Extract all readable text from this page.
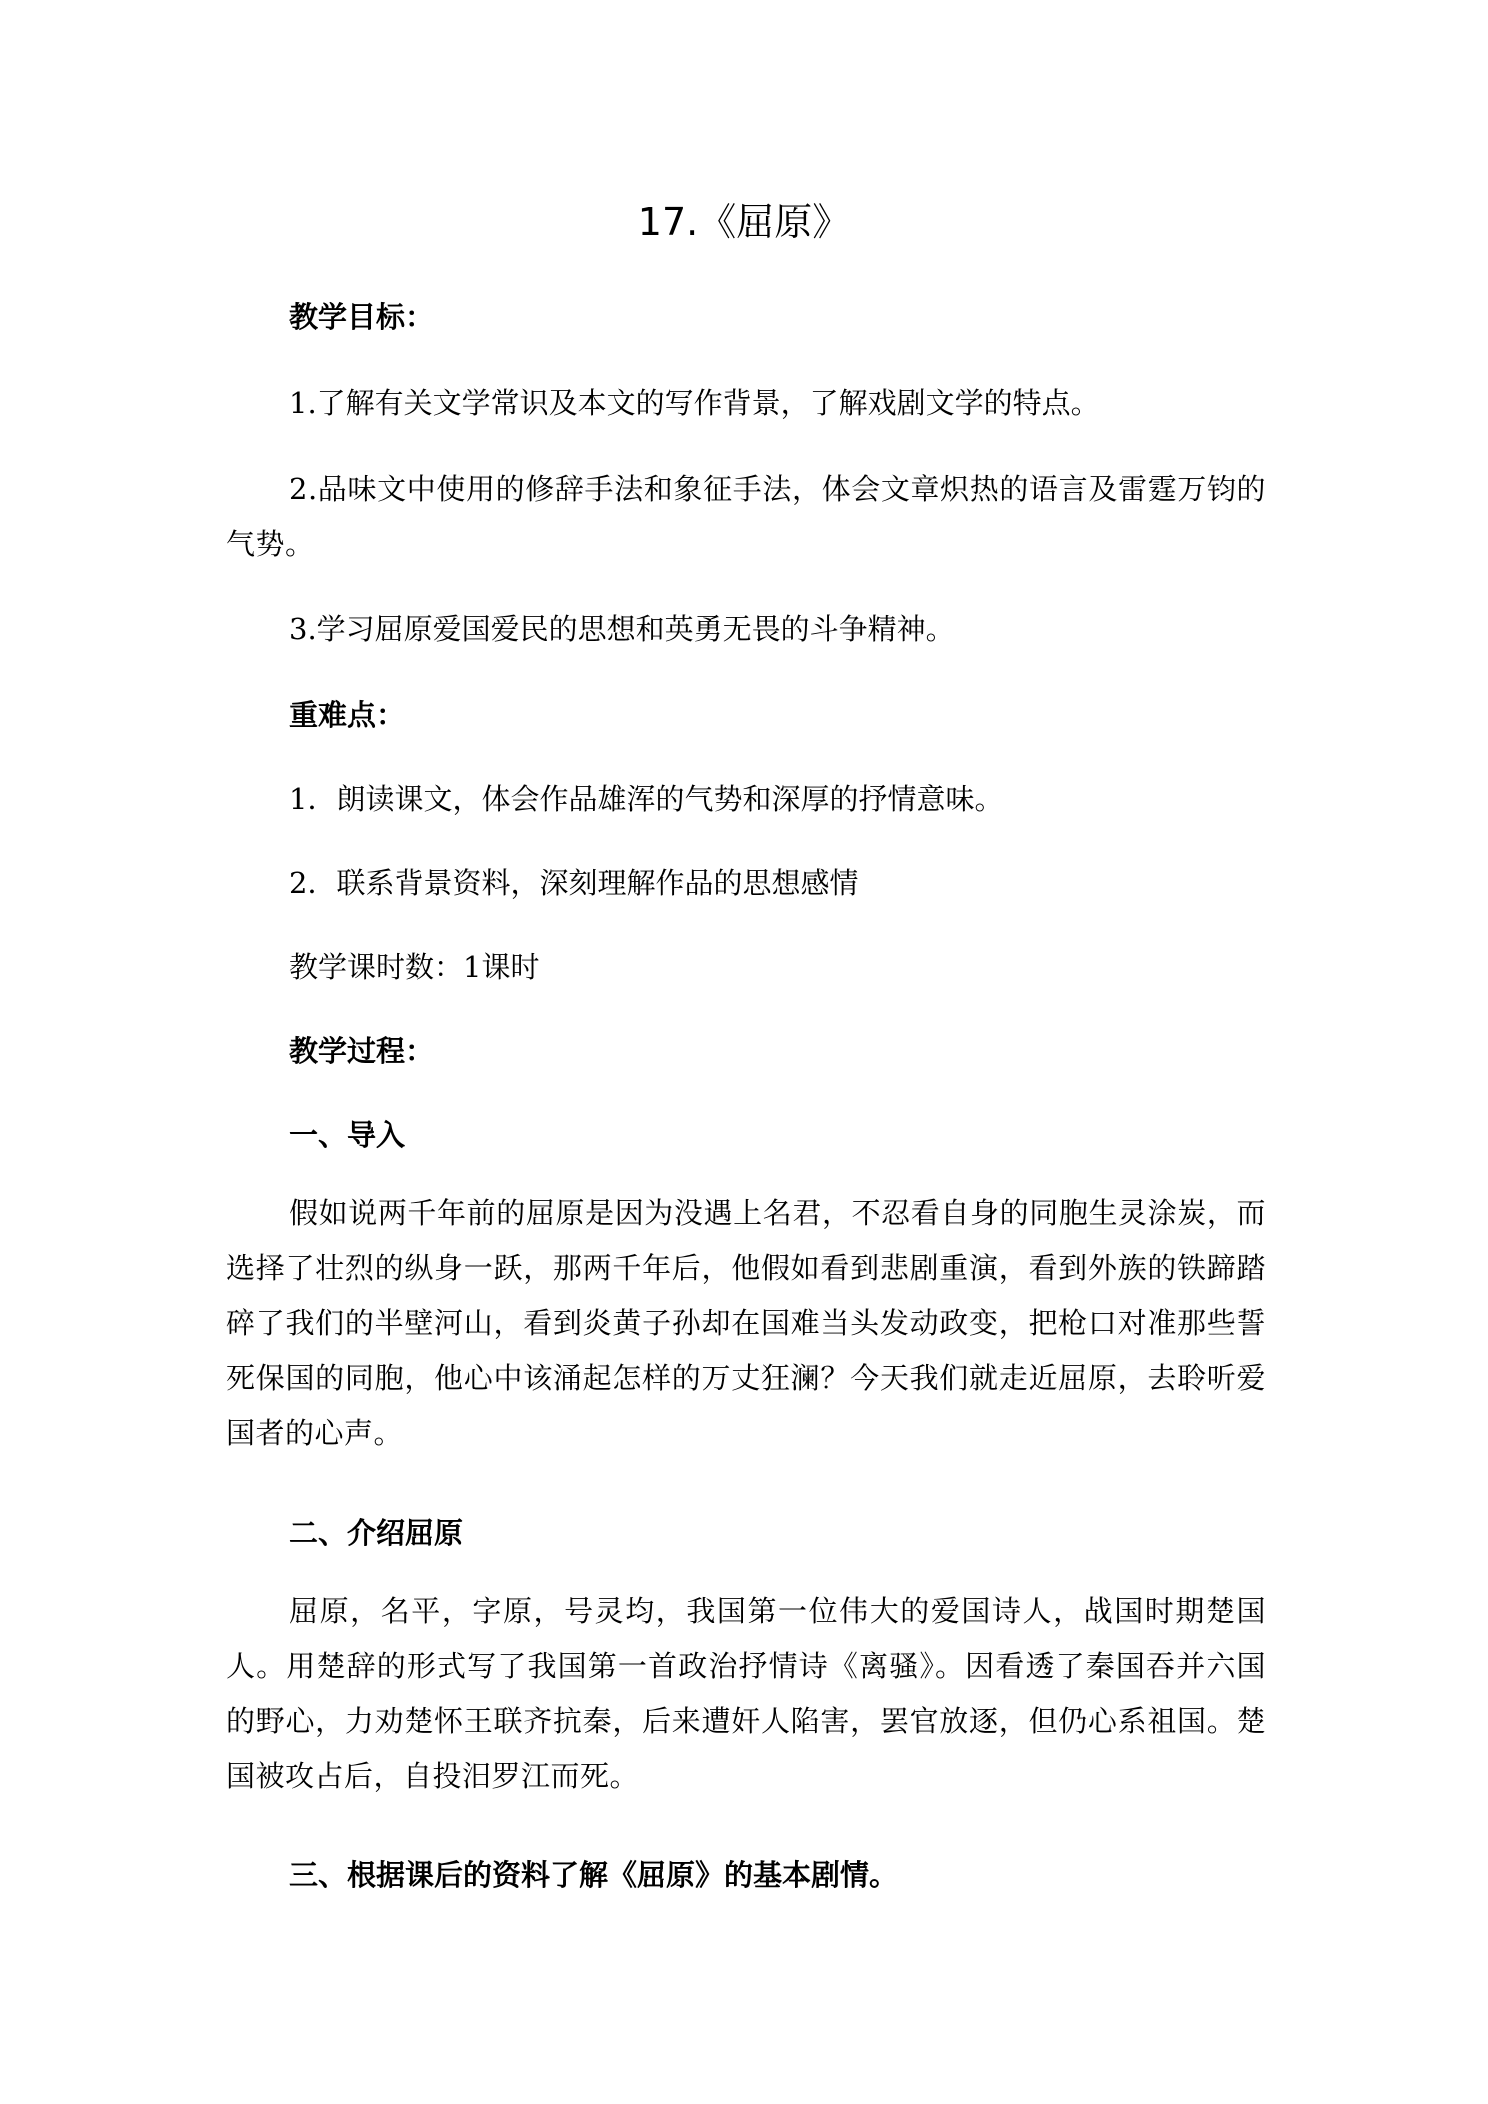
17.《屈原》

教学目标：

1.了解有关文学常识及本文的写作背景，了解戏剧文学的特点。

2.品味文中使用的修辞手法和象征手法，体会文章炽热的语言及雷霆万钧的气势。

3.学习屈原爱国爱民的思想和英勇无畏的斗争精神。

重难点：

1．朗读课文，体会作品雄浑的气势和深厚的抒情意味。

2．联系背景资料，深刻理解作品的思想感情

教学课时数：1课时

教学过程：

一、导入

假如说两千年前的屈原是因为没遇上名君，不忍看自身的同胞生灵涂炭，而选择了壮烈的纵身一跃，那两千年后，他假如看到悲剧重演，看到外族的铁蹄踏碎了我们的半壁河山，看到炎黄子孙却在国难当头发动政变，把枪口对准那些誓死保国的同胞，他心中该涌起怎样的万丈狂澜？今天我们就走近屈原，去聆听爱国者的心声。

二、介绍屈原

屈原，名平，字原，号灵均，我国第一位伟大的爱国诗人，战国时期楚国人。用楚辞的形式写了我国第一首政治抒情诗《离骚》。因看透了秦国吞并六国的野心，力劝楚怀王联齐抗秦，后来遭奸人陷害，罢官放逐，但仍心系祖国。楚国被攻占后，自投汨罗江而死。

三、根据课后的资料了解《屈原》的基本剧情。
